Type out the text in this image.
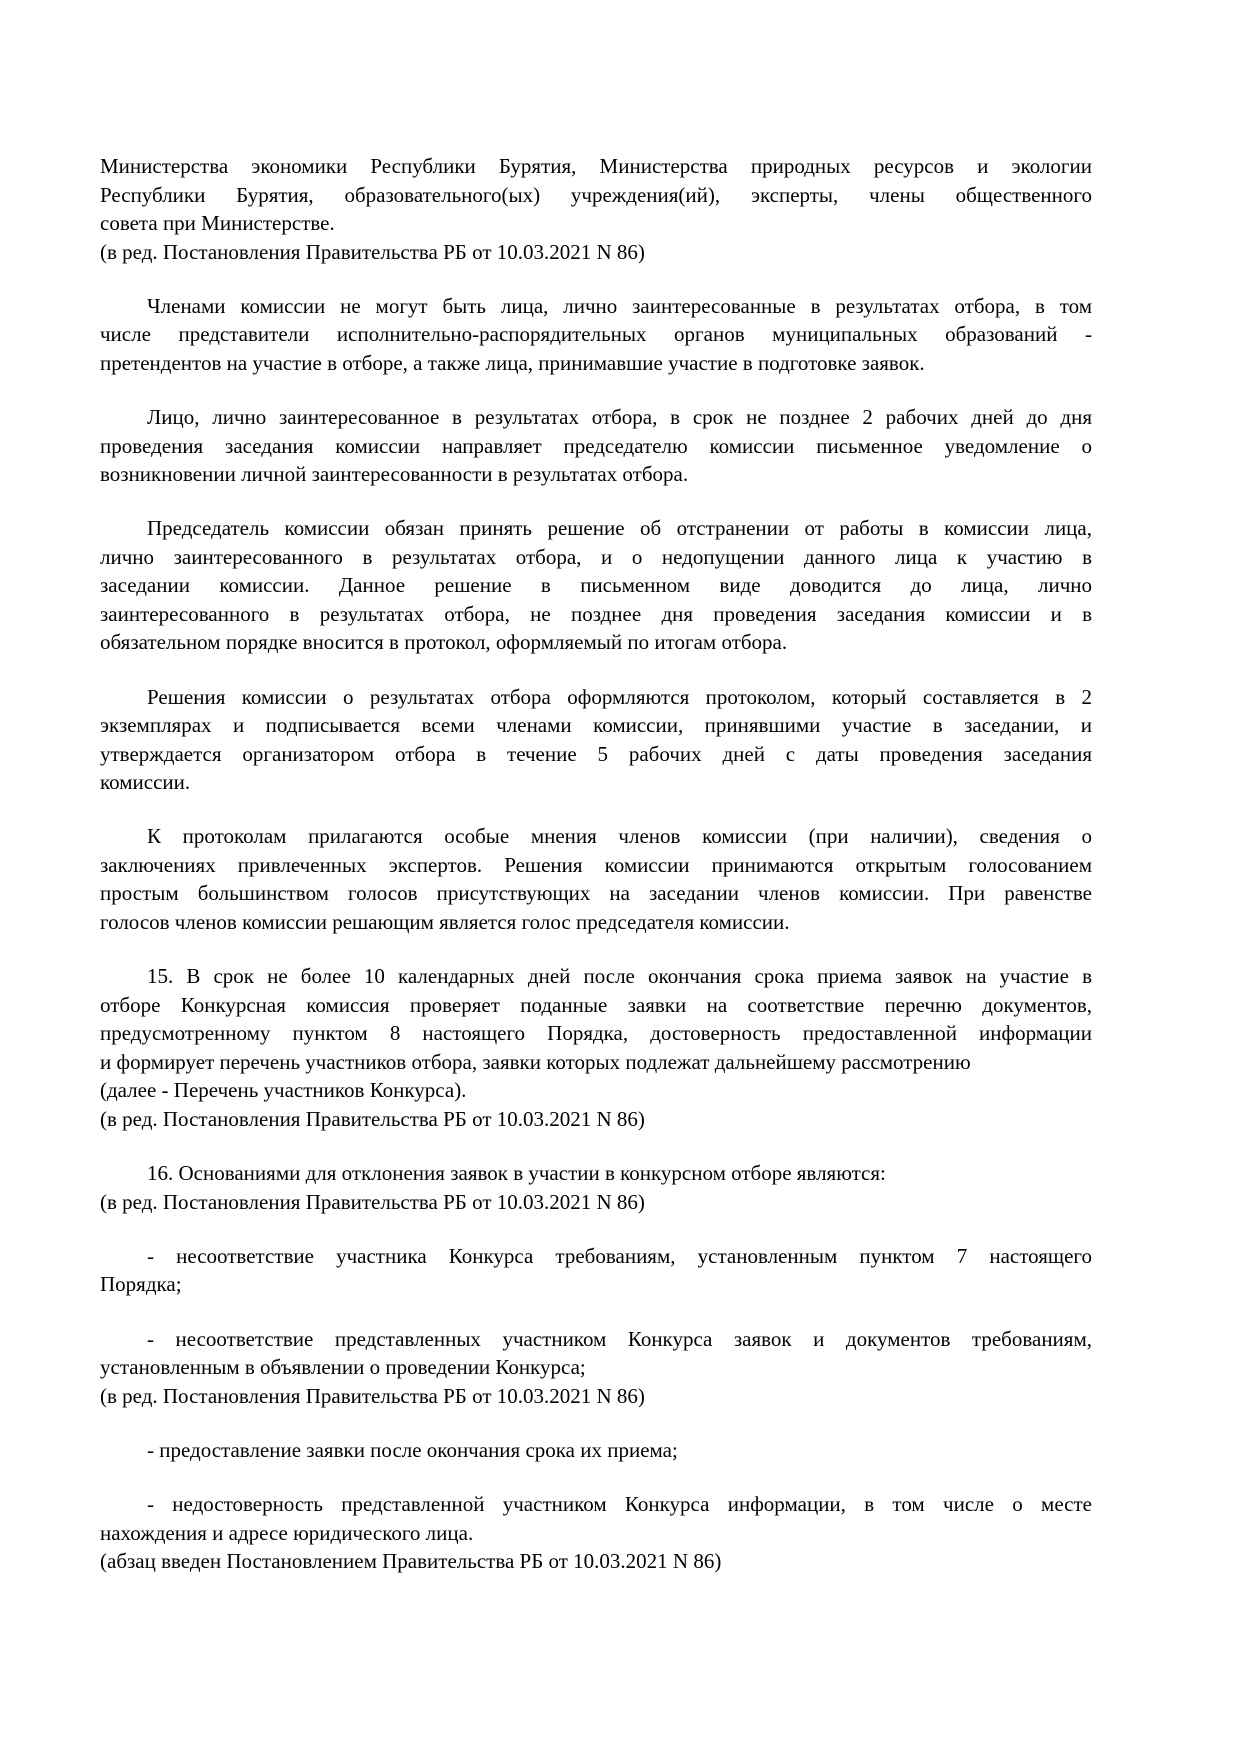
Министерства экономики Республики Бурятия, Министерства природных ресурсов и экологии
Республики Бурятия, образовательного(ых) учреждения(ий), эксперты, члены общественного
совета при Министерстве.
(в ред. Постановления Правительства РБ от 10.03.2021 N 86)
Членами комиссии не могут быть лица, лично заинтересованные в результатах отбора, в том
числе представители исполнительно-распорядительных органов муниципальных образований -
претендентов на участие в отборе, а также лица, принимавшие участие в подготовке заявок.
Лицо, лично заинтересованное в результатах отбора, в срок не позднее 2 рабочих дней до дня
проведения заседания комиссии направляет председателю комиссии письменное уведомление о
возникновении личной заинтересованности в результатах отбора.
Председатель комиссии обязан принять решение об отстранении от работы в комиссии лица,
лично заинтересованного в результатах отбора, и о недопущении данного лица к участию в
заседании комиссии. Данное решение в письменном виде доводится до лица, лично
заинтересованного в результатах отбора, не позднее дня проведения заседания комиссии и в
обязательном порядке вносится в протокол, оформляемый по итогам отбора.
Решения комиссии о результатах отбора оформляются протоколом, который составляется в 2
экземплярах и подписывается всеми членами комиссии, принявшими участие в заседании, и
утверждается организатором отбора в течение 5 рабочих дней с даты проведения заседания
комиссии.
К протоколам прилагаются особые мнения членов комиссии (при наличии), сведения о
заключениях привлеченных экспертов. Решения комиссии принимаются открытым голосованием
простым большинством голосов присутствующих на заседании членов комиссии. При равенстве
голосов членов комиссии решающим является голос председателя комиссии.
15. В срок не более 10 календарных дней после окончания срока приема заявок на участие в
отборе Конкурсная комиссия проверяет поданные заявки на соответствие перечню документов,
предусмотренному пунктом 8 настоящего Порядка, достоверность предоставленной информации
и формирует перечень участников отбора, заявки которых подлежат дальнейшему рассмотрению
(далее - Перечень участников Конкурса).
(в ред. Постановления Правительства РБ от 10.03.2021 N 86)
16. Основаниями для отклонения заявок в участии в конкурсном отборе являются:
(в ред. Постановления Правительства РБ от 10.03.2021 N 86)
- несоответствие участника Конкурса требованиям, установленным пунктом 7 настоящего
Порядка;
- несоответствие представленных участником Конкурса заявок и документов требованиям,
установленным в объявлении о проведении Конкурса;
(в ред. Постановления Правительства РБ от 10.03.2021 N 86)
- предоставление заявки после окончания срока их приема;
- недостоверность представленной участником Конкурса информации, в том числе о месте
нахождения и адресе юридического лица.
(абзац введен Постановлением Правительства РБ от 10.03.2021 N 86)
